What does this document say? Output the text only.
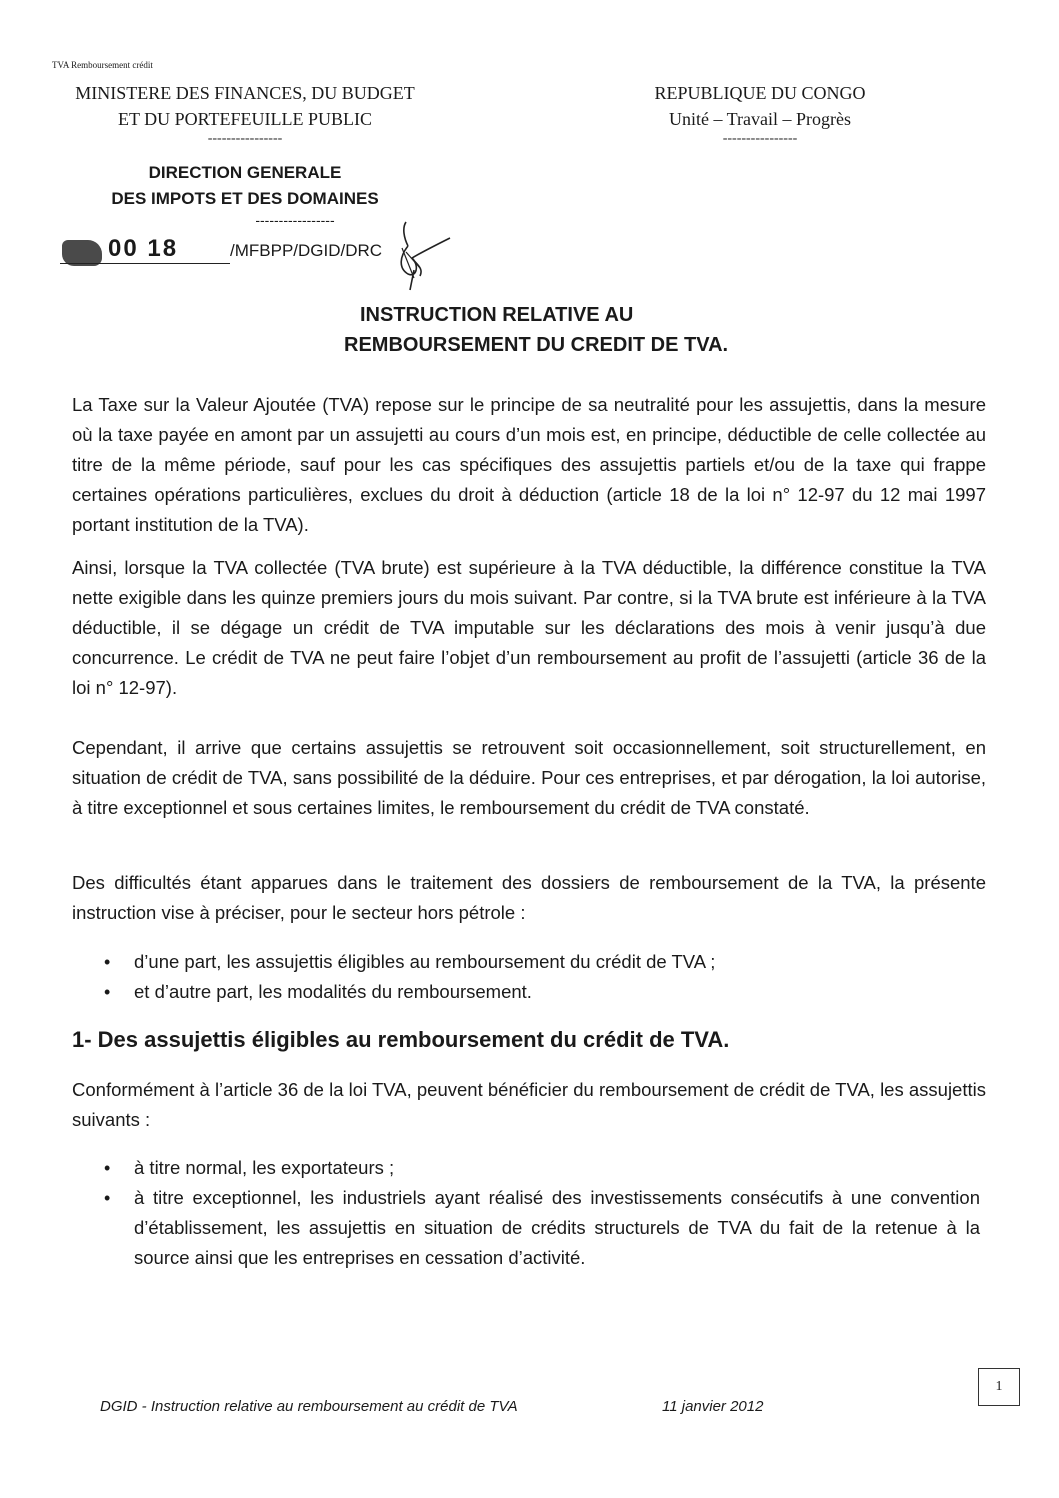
TVA Remboursement crédit
MINISTERE DES FINANCES, DU BUDGET
ET DU PORTEFEUILLE PUBLIC
----------------
REPUBLIQUE DU CONGO
Unité – Travail – Progrès
----------------
DIRECTION GENERALE
DES IMPOTS ET DES DOMAINES
-----------------
00 18	/MFBPP/DGID/DRC
INSTRUCTION RELATIVE AU
REMBOURSEMENT DU CREDIT DE TVA.

La Taxe sur la Valeur Ajoutée (TVA) repose sur le principe de sa neutralité pour les assujettis, dans la mesure où la taxe payée en amont par un assujetti au cours d’un mois est, en principe, déductible de celle collectée au titre de la même période, sauf pour les cas spécifiques des assujettis partiels et/ou de la taxe qui frappe certaines opérations particulières, exclues du droit à déduction (article 18 de la loi n° 12-97 du 12 mai 1997 portant institution de la TVA).

Ainsi, lorsque la TVA collectée (TVA brute) est supérieure à la TVA déductible, la différence constitue la TVA nette exigible dans les quinze premiers jours du mois suivant. Par contre, si la TVA brute est inférieure à la TVA déductible, il se dégage un crédit de TVA imputable sur les déclarations des mois à venir jusqu’à due concurrence. Le crédit de TVA ne peut faire l’objet d’un remboursement au profit de l’assujetti (article 36 de la loi n° 12-97).

Cependant, il arrive que certains assujettis se retrouvent soit occasionnellement, soit structurellement, en situation de crédit de TVA, sans possibilité de la déduire. Pour ces entreprises, et par dérogation, la loi autorise, à titre exceptionnel et sous certaines limites, le remboursement du crédit de TVA constaté.

Des difficultés étant apparues dans le traitement des dossiers de remboursement de la TVA, la présente instruction vise à préciser, pour le secteur hors pétrole :

• d’une part, les assujettis éligibles au remboursement du crédit de TVA ;
• et d’autre part, les modalités du remboursement.
1- Des assujettis éligibles au remboursement du crédit de TVA.

Conformément à l’article 36 de la loi TVA, peuvent bénéficier du remboursement de crédit de TVA, les assujettis suivants :

• à titre normal, les exportateurs ;
• à titre exceptionnel, les industriels ayant réalisé des investissements consécutifs à une convention d’établissement, les assujettis en situation de crédits structurels de TVA du fait de la retenue à la source ainsi que les entreprises en cessation d’activité.
DGID - Instruction relative au remboursement au crédit de TVA	11 janvier 2012
1
